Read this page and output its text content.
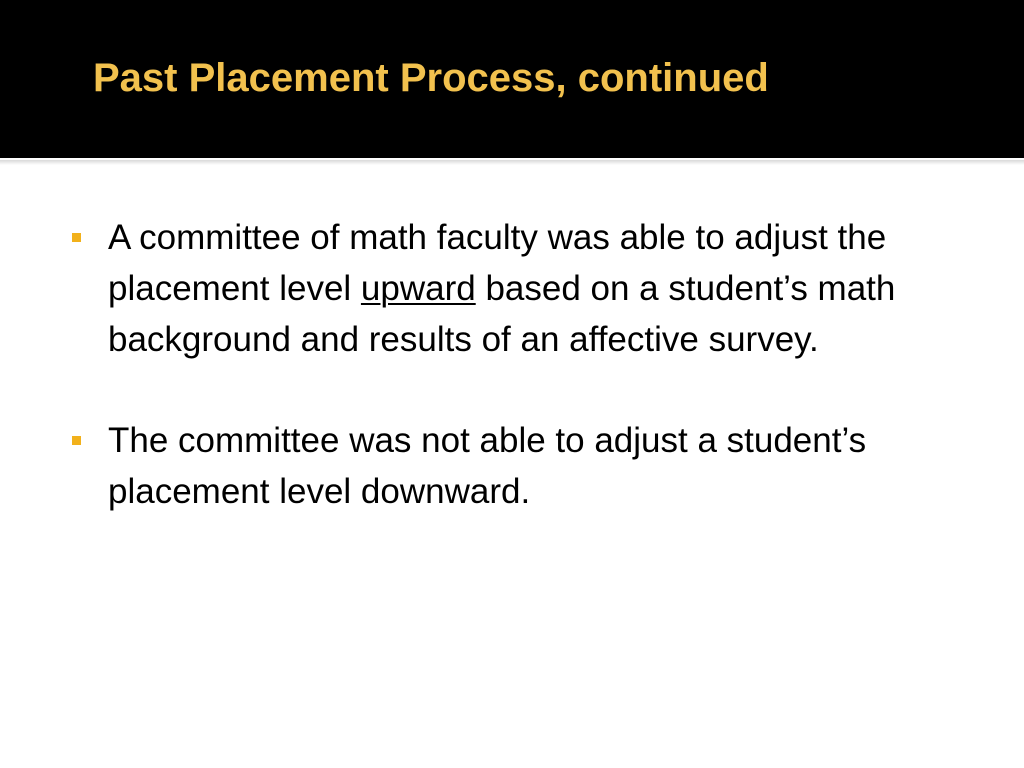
Past Placement Process, continued
A committee of math faculty was able to adjust the placement level upward based on a student’s math background and results of an affective survey.
The committee was not able to adjust a student’s placement level downward.
